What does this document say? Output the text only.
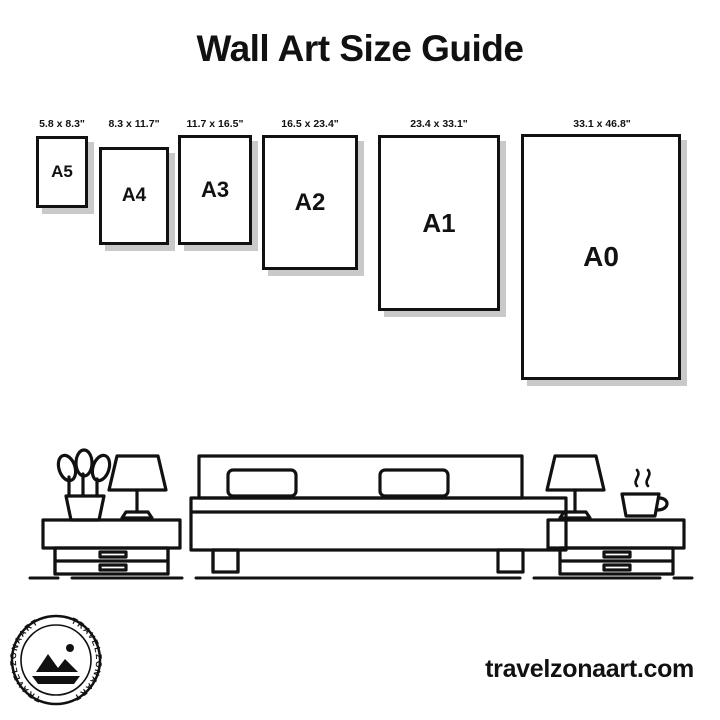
Wall Art Size Guide
5.8 x 8.3"
A5
8.3 x 11.7"
A4
11.7 x 16.5"
A3
16.5 x 23.4"
A2
23.4 x 33.1"
A1
33.1 x 46.8"
A0
TRAVELZONAART
TRAVELZONAART
travelzonaart.com
